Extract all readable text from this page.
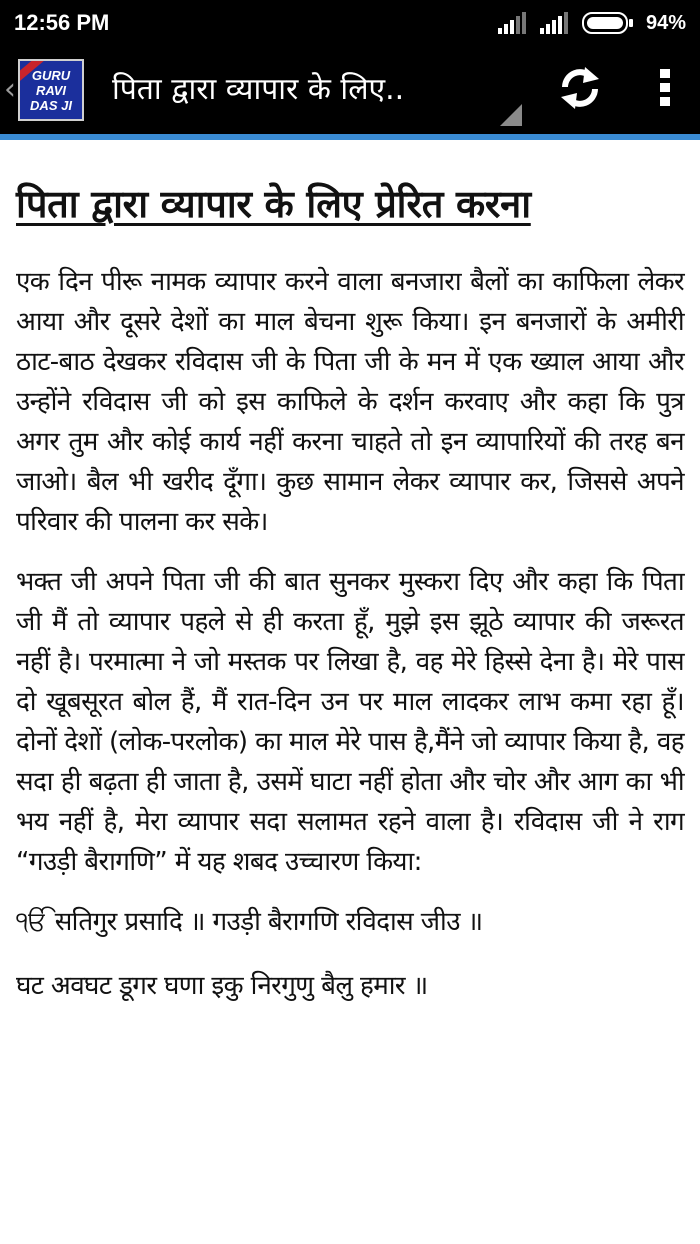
12:56 PM	94%
‹	GURU RAVI
DAS JI	पिता द्वारा व्यापार के लिए..
पिता द्वारा व्यापार के लिए प्रेरित करना

एक दिन पीरू नामक व्यापार करने वाला बनजारा बैलों का काफिला लेकर आया और दूसरे देशों का माल बेचना शुरू किया। इन बनजारों के अमीरी ठाट-बाठ देखकर रविदास जी के पिता जी के मन में एक ख्याल आया और उन्होंने रविदास जी को इस काफिले के दर्शन करवाए और कहा कि पुत्र अगर तुम और कोई कार्य नहीं करना चाहते तो इन व्यापारियों की तरह बन जाओ। बैल भी खरीद दूँगा। कुछ सामान लेकर व्यापार कर, जिससे अपने परिवार की पालना कर सके।

भक्त जी अपने पिता जी की बात सुनकर मुस्करा दिए और कहा कि पिता जी मैं तो व्यापार पहले से ही करता हूँ, मुझे इस झूठे व्यापार की जरूरत नहीं है। परमात्मा ने जो मस्तक पर लिखा है, वह मेरे हिस्से देना है। मेरे पास दो खूबसूरत बोल हैं, मैं रात-दिन उन पर माल लादकर लाभ कमा रहा हूँ। दोनों देशों (लोक-परलोक) का माल मेरे पास है,मैंने जो व्यापार किया है, वह सदा ही बढ़ता ही जाता है, उसमें घाटा नहीं होता और चोर और आग का भी भय नहीं है, मेरा व्यापार सदा सलामत रहने वाला है। रविदास जी ने राग “गउड़ी बैरागणि” में यह शबद उच्चारण किया:

ੴ सतिगुर प्रसादि ॥ गउड़ी बैरागणि रविदास जीउ ॥

घट अवघट डूगर घणा इकु निरगुणु बैलु हमार ॥
